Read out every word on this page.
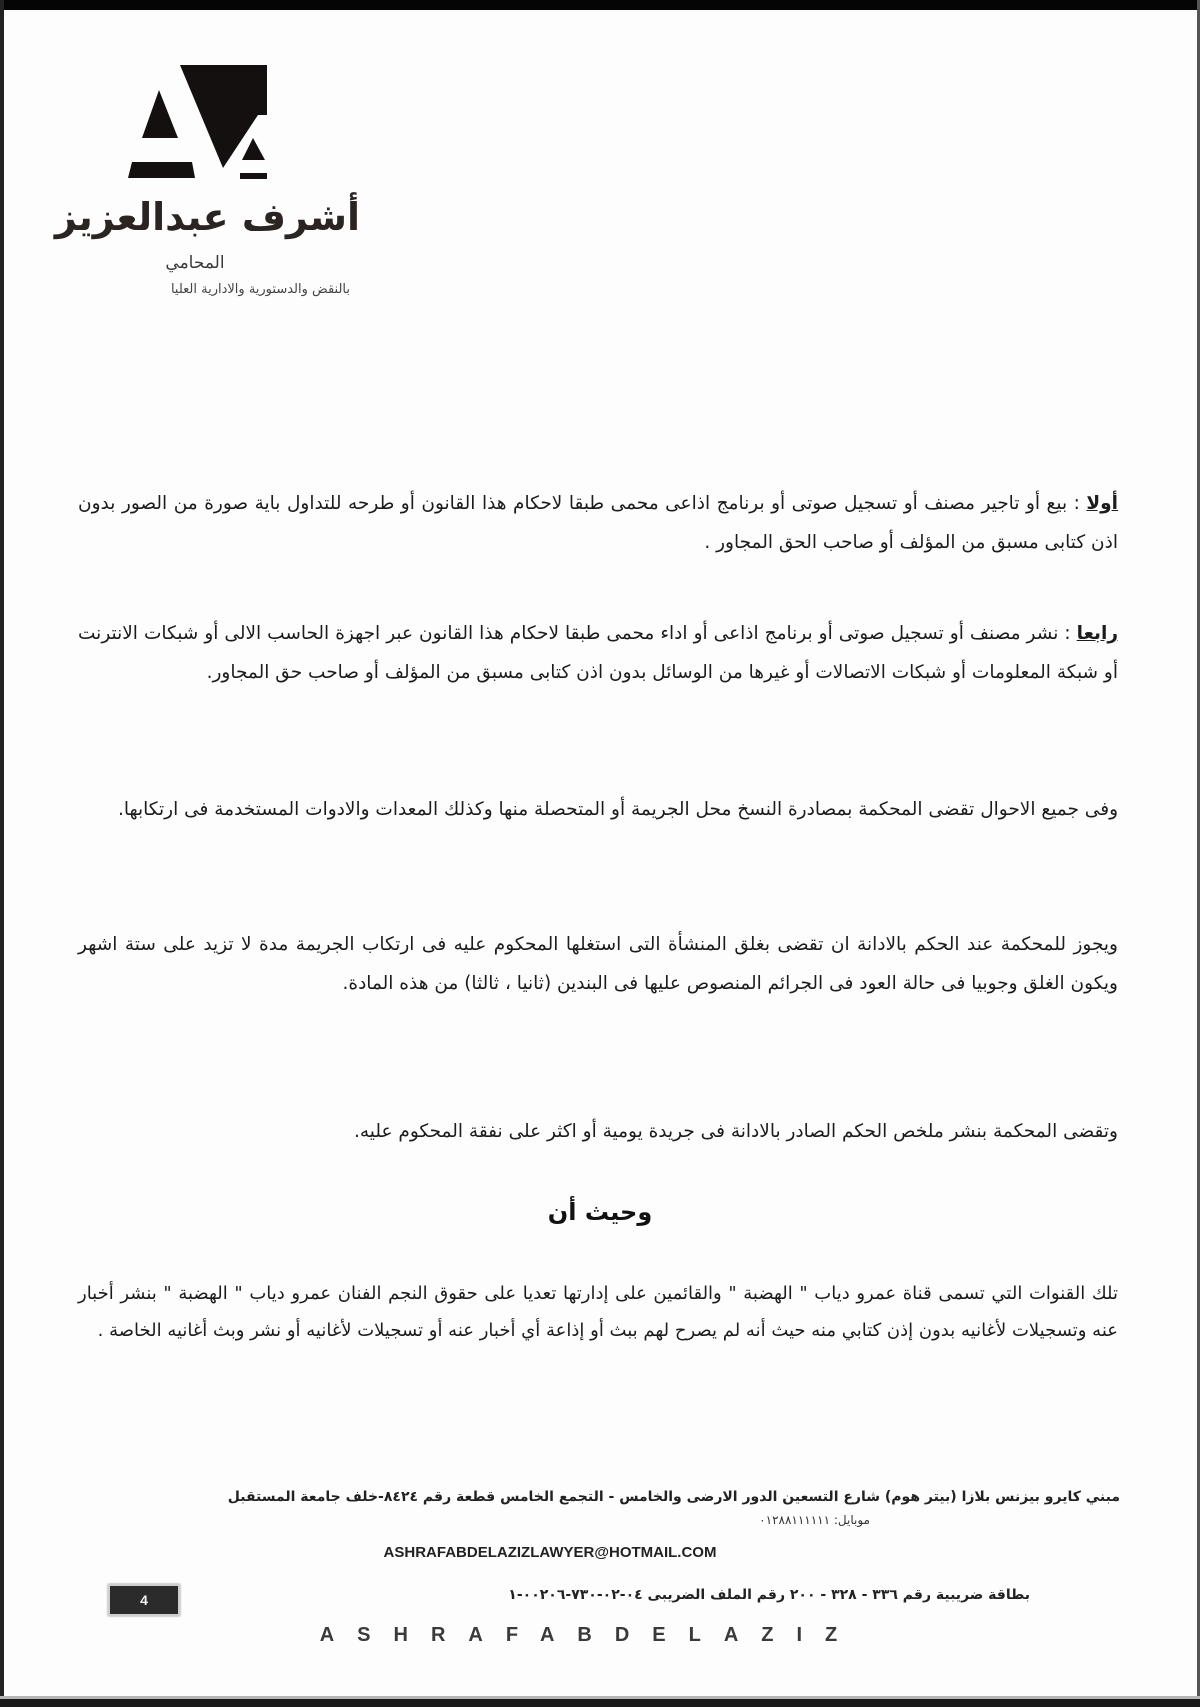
أشرف عبدالعزيز
المحامي
بالنقض والدستورية والادارية العليا
أولا : بيع أو تاجير مصنف أو تسجيل صوتى أو برنامج اذاعى محمى طبقا لاحكام هذا القانون أو طرحه للتداول باية صورة من الصور بدون اذن كتابى مسبق من المؤلف أو صاحب الحق المجاور .
رابعا : نشر مصنف أو تسجيل صوتى أو برنامج اذاعى أو اداء محمى طبقا لاحكام هذا القانون عبر اجهزة الحاسب الالى أو شبكات الانترنت أو شبكة المعلومات أو شبكات الاتصالات أو غيرها من الوسائل بدون اذن كتابى مسبق من المؤلف أو صاحب حق المجاور.
وفى جميع الاحوال تقضى المحكمة بمصادرة النسخ محل الجريمة أو المتحصلة منها وكذلك المعدات والادوات المستخدمة فى ارتكابها.
ويجوز للمحكمة عند الحكم بالادانة ان تقضى بغلق المنشأة التى استغلها المحكوم عليه فى ارتكاب الجريمة مدة لا تزيد على ستة اشهر ويكون الغلق وجوبيا فى حالة العود فى الجرائم المنصوص عليها فى البندين (ثانيا ، ثالثا) من هذه المادة.
وتقضى المحكمة بنشر ملخص الحكم الصادر بالادانة فى جريدة يومية أو اكثر على نفقة المحكوم عليه.
وحيث أن
تلك القنوات التي تسمى قناة عمرو دياب " الهضبة " والقائمين على إدارتها تعديا على حقوق النجم الفنان عمرو دياب " الهضبة " بنشر أخبار عنه وتسجيلات لأغانيه بدون إذن كتابي منه حيث أنه لم يصرح لهم ببث أو إذاعة أي أخبار عنه أو تسجيلات لأغانيه أو نشر وبث أغانيه الخاصة .
مبني كايرو بيزنس بلازا (بيتر هوم) شارع التسعين الدور الارضى والخامس - التجمع الخامس قطعة رقم ٨٤٢٤-خلف جامعة المستقبل
موبايل: ٠١٢٨٨١١١١١١
ASHRAFABDELAZIZLAWYER@HOTMAIL.COM
بطاقة ضريبية رقم ٣٣٦ - ٣٢٨ - ٢٠٠ رقم الملف الضريبى ٠٤-٠٢-٧٣٠-٠٠٢٠٦-١
4
ASHRAFABDELAZIZ
